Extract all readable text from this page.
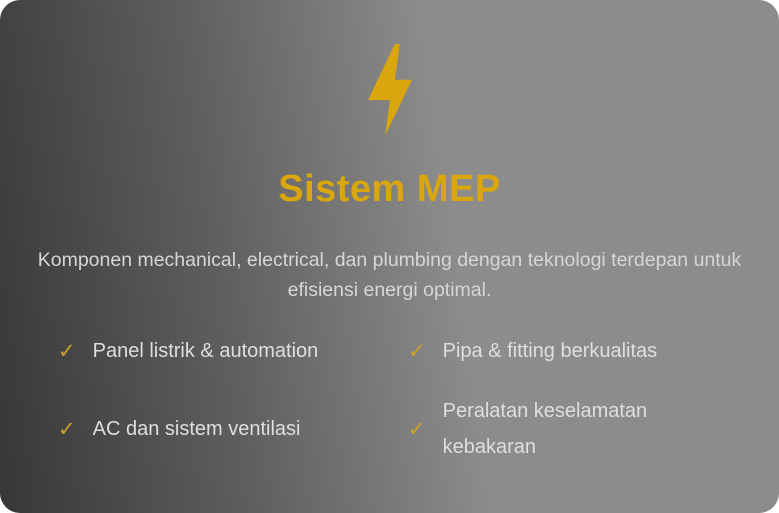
Sistem MEP

Komponen mechanical, electrical, dan plumbing dengan teknologi terdepan untuk efisiensi energi optimal.

✓ Panel listrik & automation	✓ Pipa & fitting berkualitas
✓ AC dan sistem ventilasi	✓
Peralatan keselamatan kebakaran
